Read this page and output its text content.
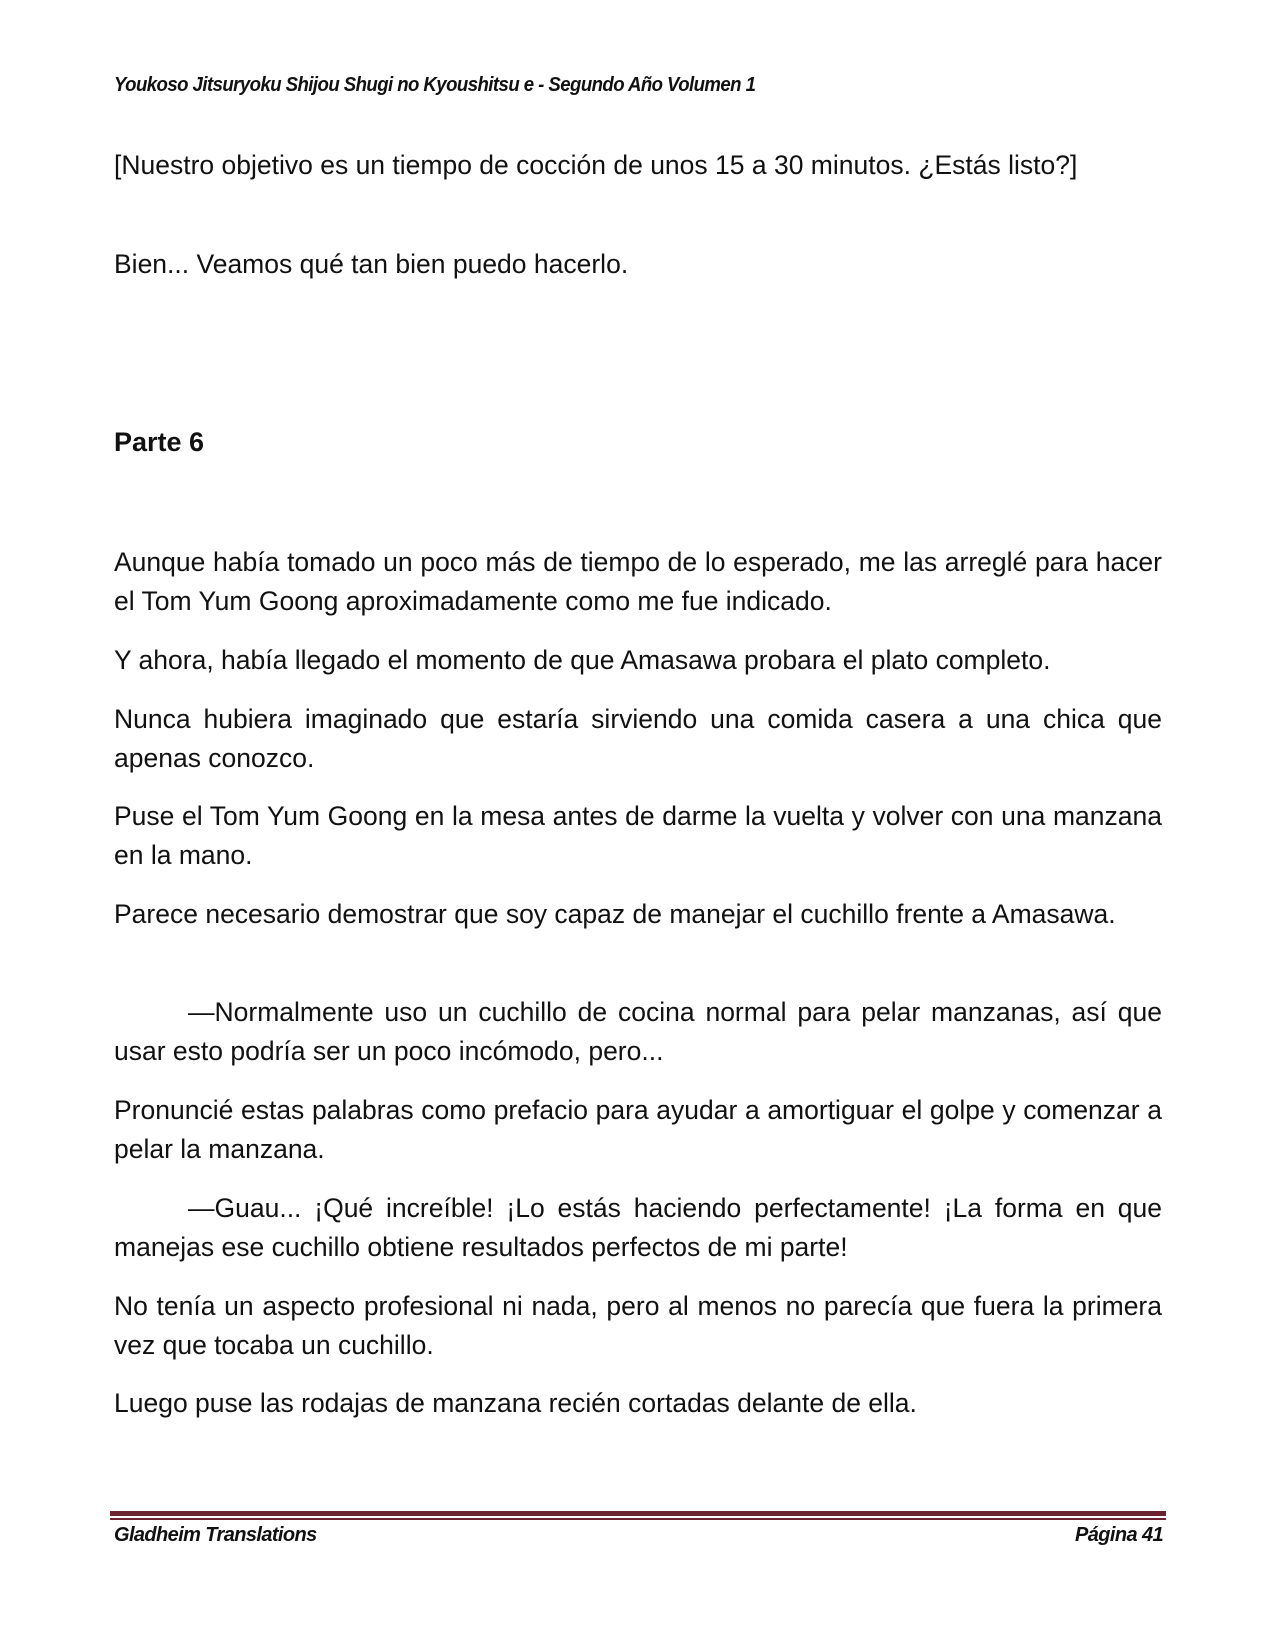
Youkoso Jitsuryoku Shijou Shugi no Kyoushitsu e - Segundo Año Volumen 1

[Nuestro objetivo es un tiempo de cocción de unos 15 a 30 minutos. ¿Estás listo?]

Bien... Veamos qué tan bien puedo hacerlo.

Parte 6

Aunque había tomado un poco más de tiempo de lo esperado, me las arreglé para hacer el Tom Yum Goong aproximadamente como me fue indicado.

Y ahora, había llegado el momento de que Amasawa probara el plato completo.

Nunca hubiera imaginado que estaría sirviendo una comida casera a una chica que apenas conozco.

Puse el Tom Yum Goong en la mesa antes de darme la vuelta y volver con una manzana en la mano.

Parece necesario demostrar que soy capaz de manejar el cuchillo frente a Amasawa.

—Normalmente uso un cuchillo de cocina normal para pelar manzanas, así que usar esto podría ser un poco incómodo, pero...

Pronuncié estas palabras como prefacio para ayudar a amortiguar el golpe y comenzar a pelar la manzana.

—Guau... ¡Qué increíble! ¡Lo estás haciendo perfectamente! ¡La forma en que manejas ese cuchillo obtiene resultados perfectos de mi parte!

No tenía un aspecto profesional ni nada, pero al menos no parecía que fuera la primera vez que tocaba un cuchillo.

Luego puse las rodajas de manzana recién cortadas delante de ella.

Gladheim Translations	Página 41
